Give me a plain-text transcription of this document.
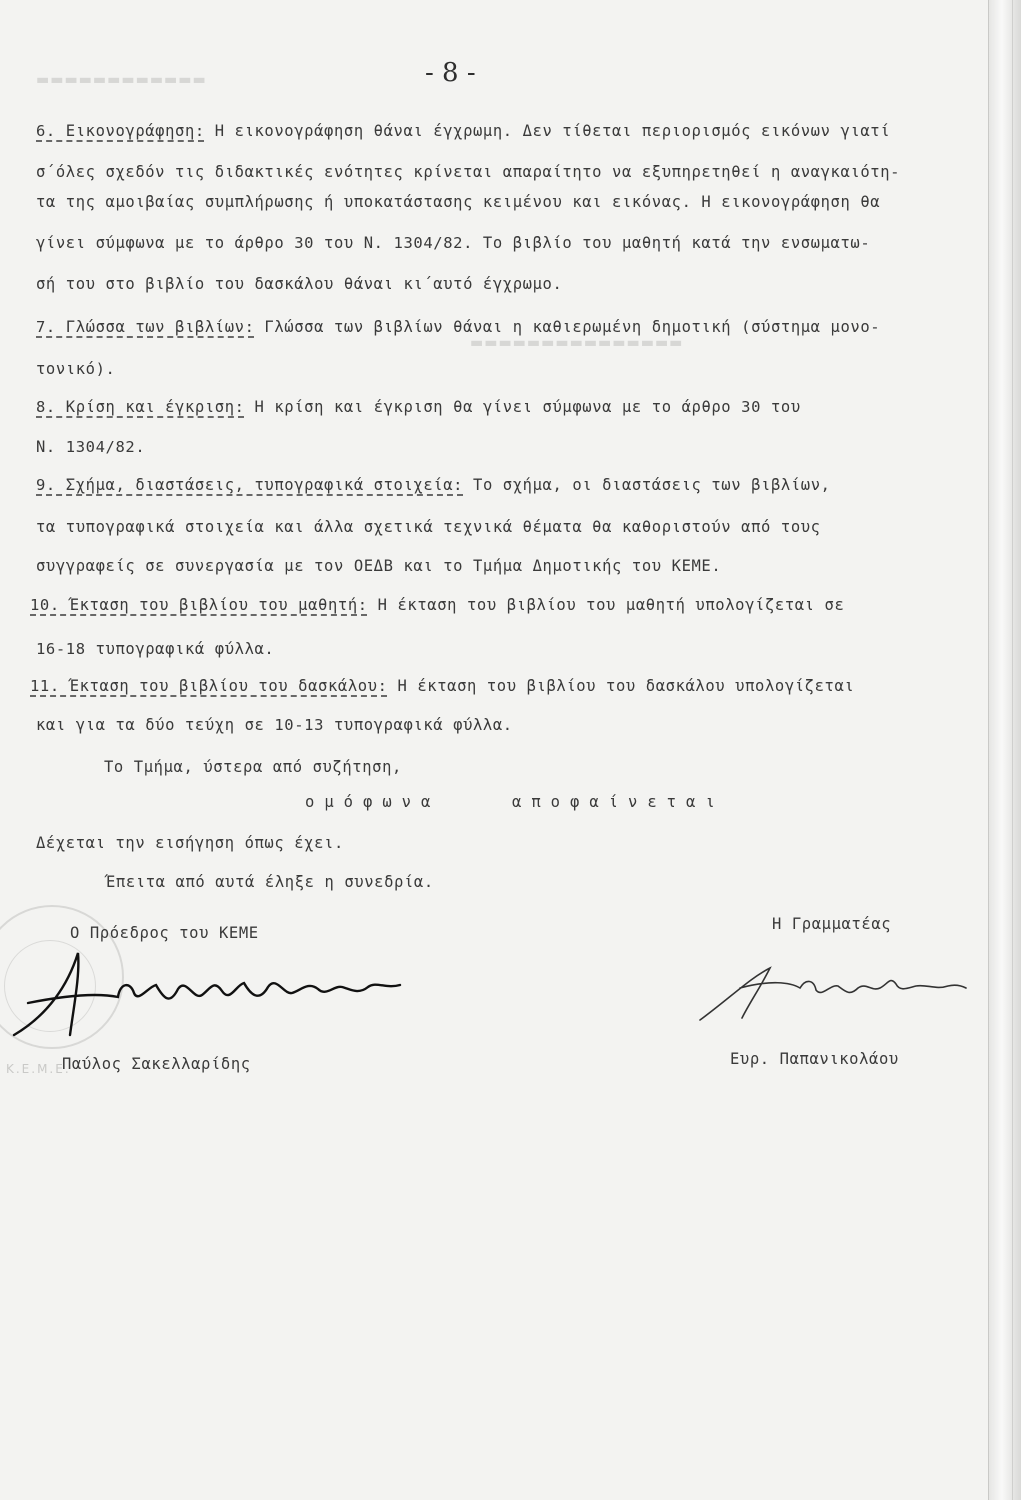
▬▬▬▬▬▬▬▬▬▬▬▬
▬▬▬▬▬▬▬▬▬▬▬▬▬▬▬
- 8 -
6. Εικονογράφηση: Η εικονογράφηση θάναι έγχρωμη. Δεν τίθεται περιορισμός εικόνων γιατί
σ΄όλες σχεδόν τις διδακτικές ενότητες κρίνεται απαραίτητο να εξυπηρετηθεί η αναγκαιότη-
τα της αμοιβαίας συμπλήρωσης ή υποκατάστασης κειμένου και εικόνας. Η εικονογράφηση θα
γίνει σύμφωνα με το άρθρο 30 του Ν. 1304/82. Το βιβλίο του μαθητή κατά την ενσωματω-
σή του στο βιβλίο του δασκάλου θάναι κι΄αυτό έγχρωμο.
7. Γλώσσα των βιβλίων: Γλώσσα των βιβλίων θάναι η καθιερωμένη δημοτική (σύστημα μονο-
τονικό).
8. Κρίση και έγκριση: Η κρίση και έγκριση θα γίνει σύμφωνα με το άρθρο 30 του
Ν. 1304/82.
9. Σχήμα, διαστάσεις, τυπογραφικά στοιχεία: Το σχήμα, οι διαστάσεις των βιβλίων,
τα τυπογραφικά στοιχεία και άλλα σχετικά τεχνικά θέματα θα καθοριστούν από τους
συγγραφείς σε συνεργασία με τον ΟΕΔΒ και το Τμήμα Δημοτικής του ΚΕΜΕ.
10. Έκταση του βιβλίου του μαθητή: Η έκταση του βιβλίου του μαθητή υπολογίζεται σε
16-18 τυπογραφικά φύλλα.
11. Έκταση του βιβλίου του δασκάλου: Η έκταση του βιβλίου του δασκάλου υπολογίζεται
και για τα δύο τεύχη σε 10-13 τυπογραφικά φύλλα.
Το Τμήμα, ύστερα από συζήτηση,
ομόφωνα	αποφαίνεται
Δέχεται την εισήγηση όπως έχει.
Έπειτα από αυτά έληξε η συνεδρία.
Κ.Ε.Μ.Ε.
Ο Πρόεδρος του ΚΕΜΕ	Η Γραμματέας
Παύλος Σακελλαρίδης	Ευρ. Παπανικολάου
